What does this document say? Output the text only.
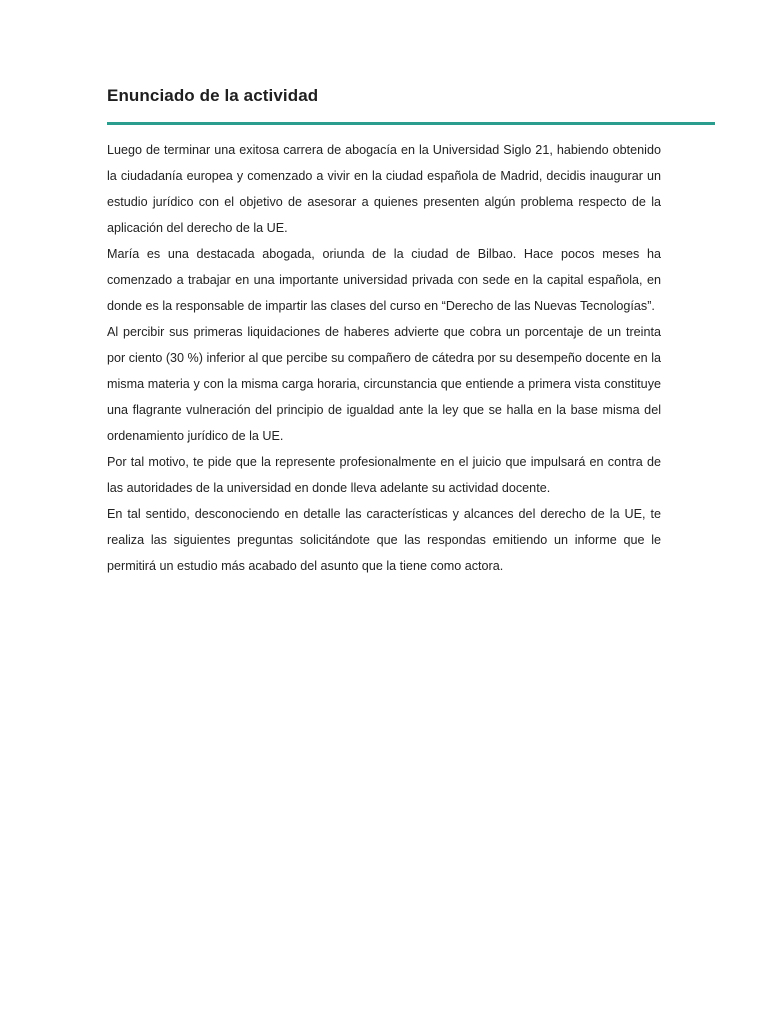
Enunciado de la actividad

Luego de terminar una exitosa carrera de abogacía en la Universidad Siglo 21, habiendo obtenido la ciudadanía europea y comenzado a vivir en la ciudad española de Madrid, decidis inaugurar un estudio jurídico con el objetivo de asesorar a quienes presenten algún problema respecto de la aplicación del derecho de la UE.

María es una destacada abogada, oriunda de la ciudad de Bilbao. Hace pocos meses ha comenzado a trabajar en una importante universidad privada con sede en la capital española, en donde es la responsable de impartir las clases del curso en “Derecho de las Nuevas Tecnologías”.

Al percibir sus primeras liquidaciones de haberes advierte que cobra un porcentaje de un treinta por ciento (30 %) inferior al que percibe su compañero de cátedra por su desempeño docente en la misma materia y con la misma carga horaria, circunstancia que entiende a primera vista constituye una flagrante vulneración del principio de igualdad ante la ley que se halla en la base misma del ordenamiento jurídico de la UE.

Por tal motivo, te pide que la represente profesionalmente en el juicio que impulsará en contra de las autoridades de la universidad en donde lleva adelante su actividad docente.

En tal sentido, desconociendo en detalle las características y alcances del derecho de la UE, te realiza las siguientes preguntas solicitándote que las respondas emitiendo un informe que le permitirá un estudio más acabado del asunto que la tiene como actora.
